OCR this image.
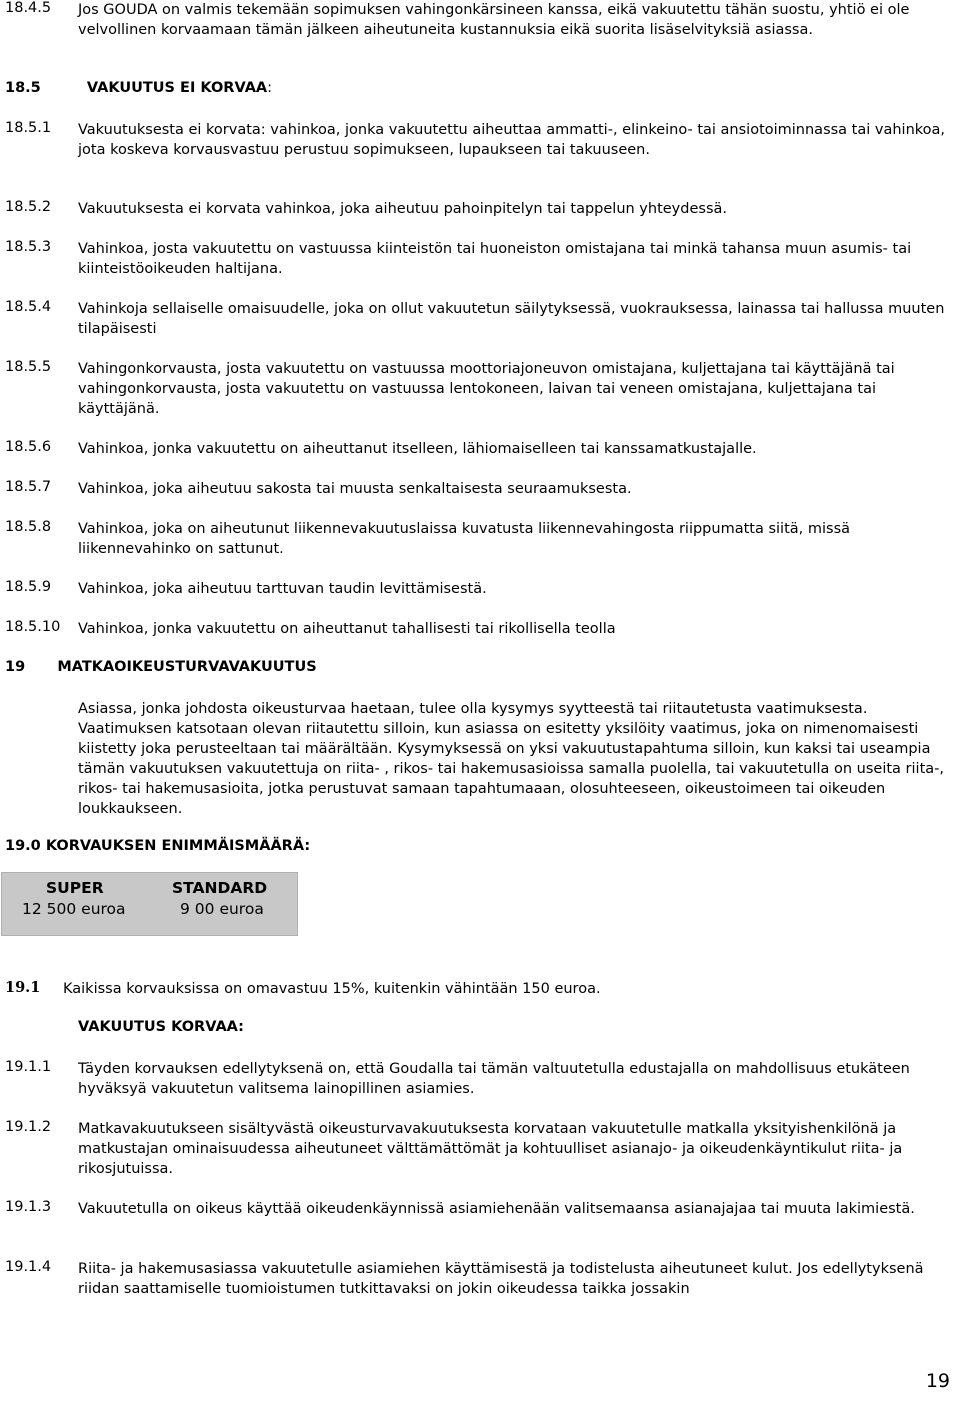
18.4.5 Jos GOUDA on valmis tekemään sopimuksen vahingonkärsineen kanssa, eikä vakuutettu tähän suostu, yhtiö ei ole velvollinen korvaamaan tämän jälkeen aiheutuneita kustannuksia eikä suorita lisäselvityksiä asiassa.
18.5	VAKUUTUS EI KORVAA:
18.5.1 Vakuutuksesta ei korvata: vahinkoa, jonka vakuutettu aiheuttaa ammatti-, elinkeino- tai ansiotoiminnassa tai vahinkoa, jota koskeva korvausvastuu perustuu sopimukseen, lupaukseen tai takuuseen.
18.5.2 Vakuutuksesta ei korvata vahinkoa, joka aiheutuu pahoinpitelyn tai tappelun yhteydessä.
18.5.3 Vahinkoa, josta vakuutettu on vastuussa kiinteistön tai huoneiston omistajana tai minkä tahansa muun asumis- tai kiinteistöoikeuden haltijana.
18.5.4 Vahinkoja sellaiselle omaisuudelle, joka on ollut vakuutetun säilytyksessä, vuokrauksessa, lainassa tai hallussa muuten tilapäisesti
18.5.5 Vahingonkorvausta, josta vakuutettu on vastuussa moottoriajoneuvon omistajana, kuljettajana tai käyttäjänä tai vahingonkorvausta, josta vakuutettu on vastuussa lentokoneen, laivan tai veneen omistajana, kuljettajana tai käyttäjänä.
18.5.6 Vahinkoa, jonka vakuutettu on aiheuttanut itselleen, lähiomaiselleen tai kanssamatkustajalle.
18.5.7 Vahinkoa, joka aiheutuu sakosta tai muusta senkaltaisesta seuraamuksesta.
18.5.8 Vahinkoa, joka on aiheutunut liikennevakuutuslaissa kuvatusta liikennevahingosta riippumatta siitä, missä liikennevahinko on sattunut.
18.5.9 Vahinkoa, joka aiheutuu tarttuvan taudin levittämisestä.
18.5.10 Vahinkoa, jonka vakuutettu on aiheuttanut tahallisesti tai rikollisella teolla
19 MATKAOIKEUSTURVAVAKUUTUS
Asiassa, jonka johdosta oikeusturvaa haetaan, tulee olla kysymys syytteestä tai riitautetusta vaatimuksesta. Vaatimuksen katsotaan olevan riitautettu silloin, kun asiassa on esitetty yksilöity vaatimus, joka on nimenomaisesti kiistetty joka perusteeltaan tai määrältään. Kysymyksessä on yksi vakuutustapahtuma silloin, kun kaksi tai useampia tämän vakuutuksen vakuutettuja on riita- , rikos- tai hakemusasioissa samalla puolella, tai vakuutetulla on useita riita-, rikos- tai hakemusasioita, jotka perustuvat samaan tapahtumaaan, olosuhteeseen, oikeustoimeen tai oikeuden loukkaukseen.
19.0 KORVAUKSEN ENIMMÄISMÄÄRÄ:
SUPER	STANDARD
12 500 euroa	9 00 euroa
19.1 Kaikissa korvauksissa on omavastuu 15%, kuitenkin vähintään 150 euroa.
VAKUUTUS KORVAA:
19.1.1 Täyden korvauksen edellytyksenä on, että Goudalla tai tämän valtuutetulla edustajalla on mahdollisuus etukäteen hyväksyä vakuutetun valitsema lainopillinen asiamies.
19.1.2 Matkavakuutukseen sisältyvästä oikeusturvavakuutuksesta korvataan vakuutetulle matkalla yksityishenkilönä ja matkustajan ominaisuudessa aiheutuneet välttämättömät ja kohtuulliset asianajo- ja oikeudenkäyntikulut riita- ja rikosjutuissa.
19.1.3 Vakuutetulla on oikeus käyttää oikeudenkäynnissä asiamiehenään valitsemaansa asianajajaa tai muuta lakimiestä.
19.1.4 Riita- ja hakemusasiassa vakuutetulle asiamiehen käyttämisestä ja todistelusta aiheutuneet kulut. Jos edellytyksenä riidan saattamiselle tuomioistumen tutkittavaksi on jokin oikeudessa taikka jossakin
19
